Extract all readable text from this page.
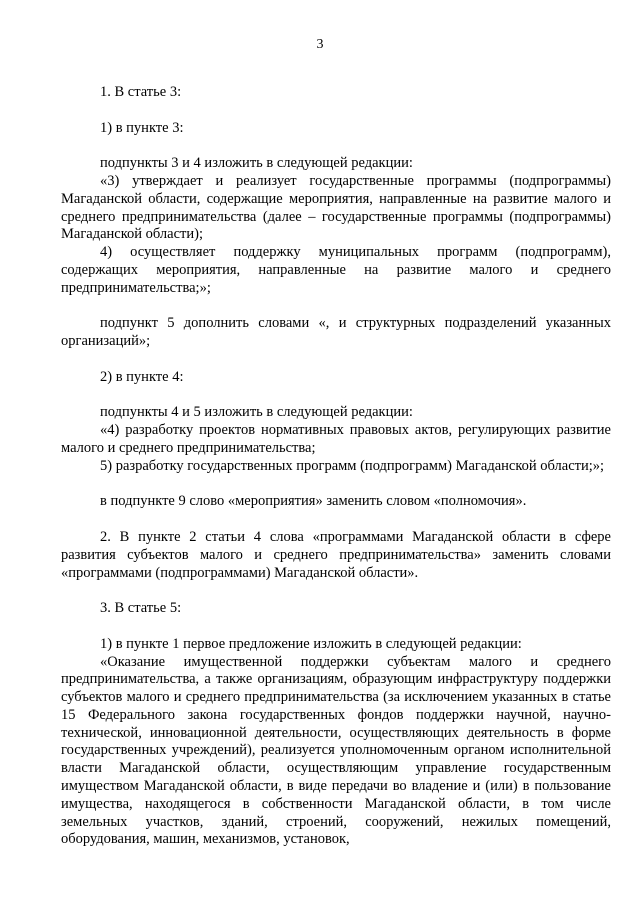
3

1. В статье 3:

1) в пункте 3:

подпункты 3 и 4 изложить в следующей редакции:

«3) утверждает и реализует государственные программы (подпрограммы) Магаданской области, содержащие мероприятия, направленные на развитие малого и среднего предпринимательства (далее – государственные программы (подпрограммы) Магаданской области);

4) осуществляет поддержку муниципальных программ (подпрограмм), содержащих мероприятия, направленные на развитие малого и среднего предпринимательства;»;

подпункт 5 дополнить словами «, и структурных подразделений указанных организаций»;

2) в пункте 4:

подпункты 4 и 5 изложить в следующей редакции:

«4) разработку проектов нормативных правовых актов, регулирующих развитие малого и среднего предпринимательства;

5) разработку государственных программ (подпрограмм) Магаданской области;»;

в подпункте 9 слово «мероприятия» заменить словом «полномочия».

2. В пункте 2 статьи 4 слова «программами Магаданской области в сфере развития субъектов малого и среднего предпринимательства» заменить словами «программами (подпрограммами) Магаданской области».

3. В статье 5:

1) в пункте 1 первое предложение изложить в следующей редакции:

«Оказание имущественной поддержки субъектам малого и среднего предпринимательства, а также организациям, образующим инфраструктуру поддержки субъектов малого и среднего предпринимательства (за исключением указанных в статье 15 Федерального закона государственных фондов поддержки научной, научно-технической, инновационной деятельности, осуществляющих деятельность в форме государственных учреждений), реализуется уполномоченным органом исполнительной власти Магаданской области, осуществляющим управление государственным имуществом Магаданской области, в виде передачи во владение и (или) в пользование имущества, находящегося в собственности Магаданской области, в том числе земельных участков, зданий, строений, сооружений, нежилых помещений, оборудования, машин, механизмов, установок,
